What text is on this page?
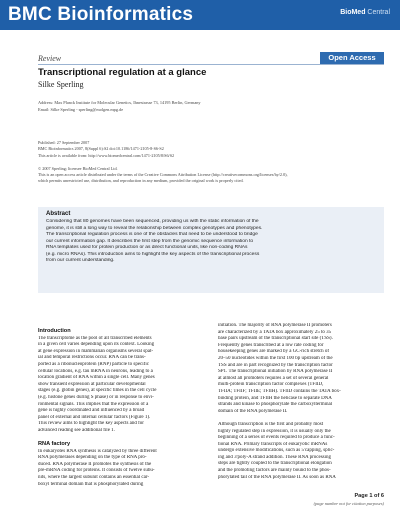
BMC Bioinformatics	BioMed Central
Review	Open Access
Transcriptional regulation at a glance
Silke Sperling
Address: Max Planck Institute for Molecular Genetics, Ihnestrasse 73, 14195 Berlin, Germany
Email: Silke Sperling - sperling@molgen.mpg.de
Published: 27 September 2007
BMC Bioinformatics 2007, 8(Suppl 6):S2 doi:10.1186/1471-2105-8-S6-S2
This article is available from: http://www.biomedcentral.com/1471-2105/8/S6/S2

© 2007 Sperling; licensee BioMed Central Ltd.
This is an open access article distributed under the terms of the Creative Commons Attribution License (http://creativecommons.org/licenses/by/2.0),
which permits unrestricted use, distribution, and reproduction in any medium, provided the original work is properly cited.
Abstract
Considering that 80 genomes have been sequenced, providing us with the static information of the
genome, it is still a long way to reveal the relationship between complex genotypes and phenotypes.
The transcriptional regulation process is one of the obstacles that need to be understood to bridge
our current information gap. It describes the first step from the genomic sequence information to
RNA templates used for protein production or as direct functional units, like non-coding RNAs
(e.g. micro RNAs). This introduction aims to highlight the key aspects of the transcriptional process
from our current understanding.
Introduction
The transcriptome as the pool of all transcribed elements
in a given cell varies depending upon its context. Looking
at gene expression in mammalian organisms several spat-
ial and temporal restrictions occur. RNA can be trans-
ported as a ribonucleoprotein (RNP) particle to specific
cellular locations, e.g. tau mRNA in neurons, leading to a
location gradient of RNA within a single cell. Many genes
show transient expression at particular developmental
stages (e.g. globin genes), at specific times in the cell cycle
(e.g. histone genes during S phase) or in response to envi-
ronmental signals. This implies that the expression of a
gene is highly coordinated and influenced by a broad
panel of external and internal cellular factors (Figure 1).
This review aims to highlight the key aspects and for
advanced reading see additional file 1.
RNA factory
In eukaryotes RNA synthesis is catalyzed by three different
RNA polymerases depending on the type of RNA pro-
duced. RNA polymerase II promotes the synthesis of the
pre-mRNA coding for proteins. It consists of twelve subu-
nits, where the largest subunit contains an essential car-
boxyl terminal domain that is phosphorylated during
initiation. The majority of RNA polymerase II promoters
are characterized by a TATA box approximately 25 to 35
base pairs upstream of the transcriptional start site (TSS).
Frequently genes transcribed at a low rate coding for
housekeeping genes are marked by a GC-rich stretch of
20–50 nucleotides within the first 100 bp upstream of the
TSS and are in part recognized by the transcription factor
SP1. The transcriptional initiation by RNA polymerase II
at almost all promoters requires a set of several general
multi-protein transcription factor complexes (TFIID,
TFIIA; TFIIF; TFIIE; TFIIH). TFIID contains the TATA box-
binding protein, and TFIIH the helicase to separate DNA
strands and kinase to phosphorylate the carboxylterminal
domain of the RNA polymerase II.
Although transcription is the first and probably most
highly regulated step in expression, it is usually only the
beginning of a series of events required to produce a func-
tional RNA. Primary transcripts of eukaryotic mRNAs
undergo extensive modifications, such as 5'capping, splic-
ing and 3'poly-A strand addition. These RNA processing
steps are tightly coupled to the transcriptional elongation
and the promoting factors are mainly bound to the phos-
phorylated tail of the RNA polymerase II. As soon as RNA
Page 1 of 6
(page number not for citation purposes)
